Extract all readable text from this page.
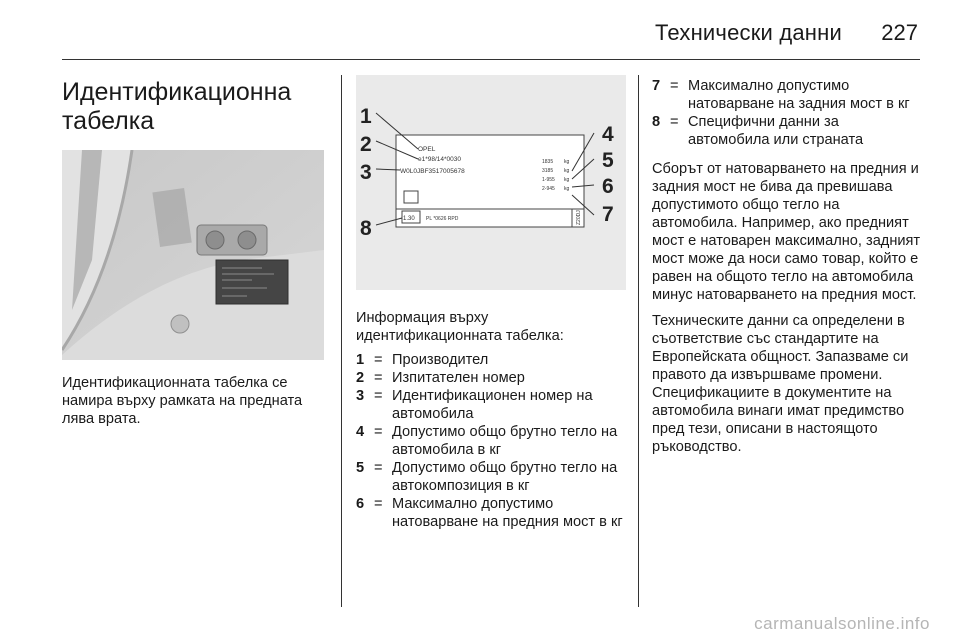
Технически данни 227
Идентификационна табелка

Идентификационната табелка се намира върху рамката на предната лява врата.

1
2
3
4
5
6
7
8
OPEL
e1*98/14*0030
W0L0JBF3517005678
1835
3185
1-955
2-945
kg
kg
kg
kg
1.30 PL *0626 RPD	Z20DJ

Информация върху идентификационната табелка:

1 = Производител
2 = Изпитателен номер
3 = Идентификационен номер на автомобила
4 = Допустимо общо брутно тегло на автомобила в кг
5 = Допустимо общо брутно тегло на автокомпозиция в кг
6 = Максимално допустимо натоварване на предния мост в кг
7 = Максимално допустимо натоварване на задния мост в кг
8 = Специфични данни за автомобила или страната

Сборът от натоварването на предния и задния мост не бива да превишава допустимото общо тегло на автомобила. Например, ако предният мост е натоварен максимално, задният мост може да носи само товар, който е равен на общото тегло на автомобила минус натоварването на предния мост.

Техническите данни са определени в съответствие със стандартите на Европейската общност. Запазваме си правото да извършваме промени. Спецификациите в документите на автомобила винаги имат предимство пред тези, описани в настоящото ръководство.

carmanualsonline.info
